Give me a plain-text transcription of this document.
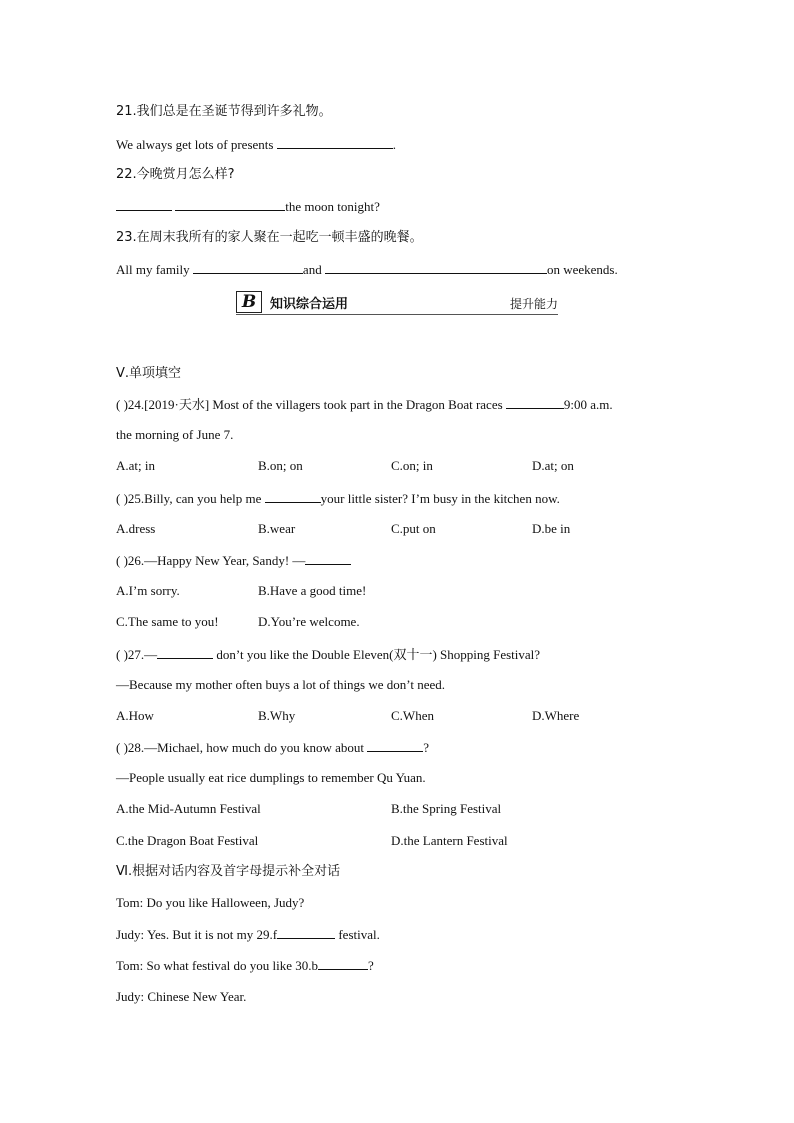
21.我们总是在圣诞节得到许多礼物。
We always get lots of presents	.
22.今晚赏月怎么样?
the moon tonight?
23.在周末我所有的家人聚在一起吃一顿丰盛的晚餐。
All my family	and	on weekends.
B	知识综合运用	提升能力
Ⅴ.单项填空
( )24.[2019·天水] Most of the villagers took part in the Dragon Boat races	9:00 a.m.
the morning of June 7.
A.at; in	B.on; on	C.on; in	D.at; on
( )25.Billy, can you help me	your little sister? I’m busy in the kitchen now.
A.dress	B.wear	C.put on	D.be in
( )26.—Happy New Year, Sandy! —
A.I’m sorry.	B.Have a good time!
C.The same to you!	D.You’re welcome.
( )27.—	don’t you like the Double Eleven(双十一) Shopping Festival?
—Because my mother often buys a lot of things we don’t need.
A.How	B.Why	C.When	D.Where
( )28.—Michael, how much do you know about	?
—People usually eat rice dumplings to remember Qu Yuan.
A.the Mid-Autumn Festival	B.the Spring Festival
C.the Dragon Boat Festival	D.the Lantern Festival
Ⅵ.根据对话内容及首字母提示补全对话
Tom: Do you like Halloween, Judy?
Judy: Yes. But it is not my 29.f	festival.
Tom: So what festival do you like 30.b	?
Judy: Chinese New Year.
